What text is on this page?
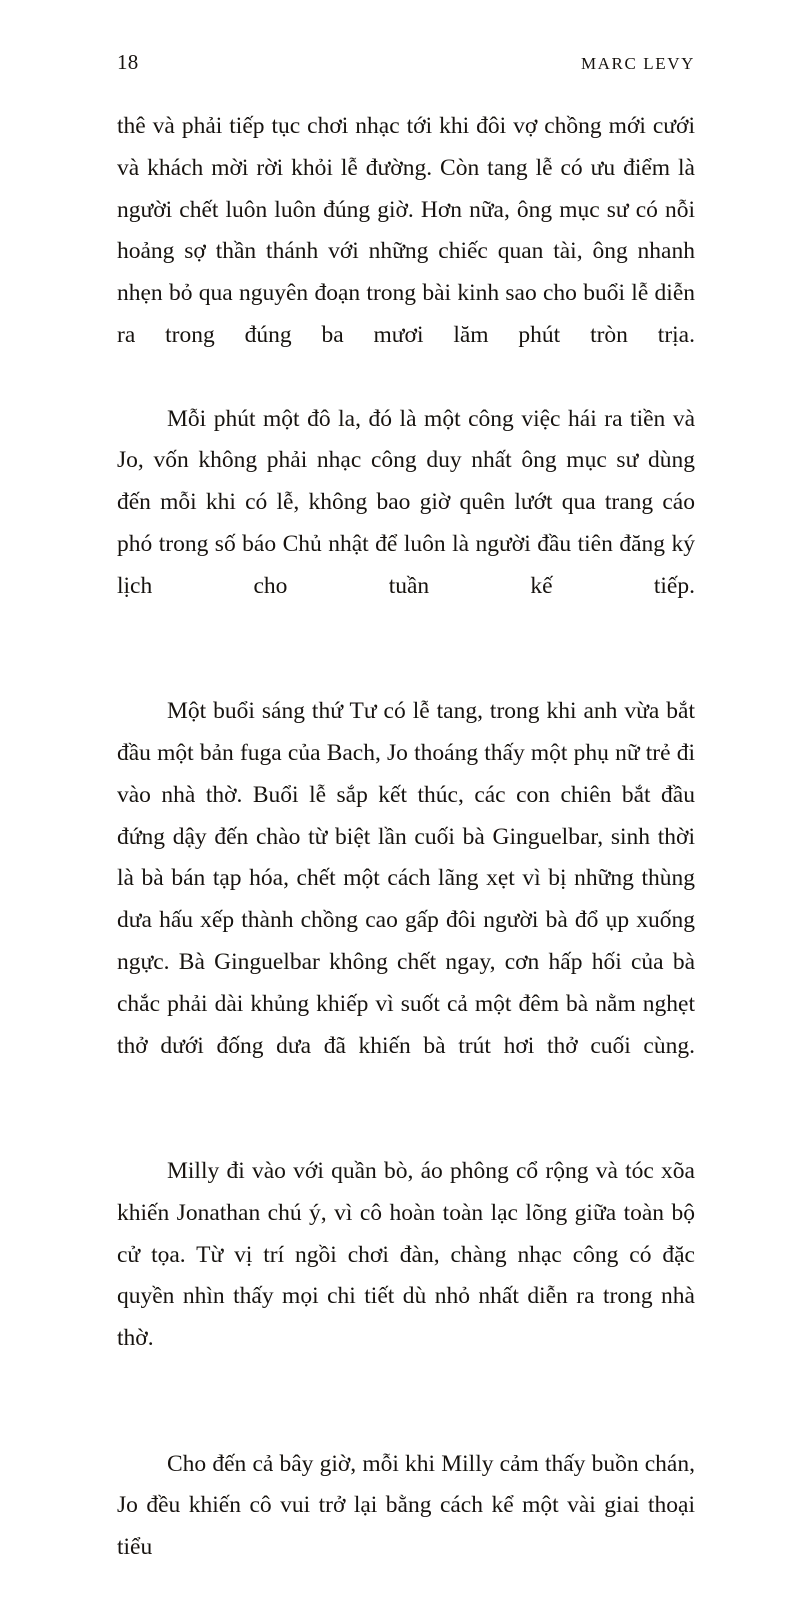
18	MARC LEVY

thê và phải tiếp tục chơi nhạc tới khi đôi vợ chồng mới cưới và khách mời rời khỏi lễ đường. Còn tang lễ có ưu điểm là người chết luôn luôn đúng giờ. Hơn nữa, ông mục sư có nỗi hoảng sợ thần thánh với những chiếc quan tài, ông nhanh nhẹn bỏ qua nguyên đoạn trong bài kinh sao cho buổi lễ diễn ra trong đúng ba mươi lăm phút tròn trịa.

Mỗi phút một đô la, đó là một công việc hái ra tiền và Jo, vốn không phải nhạc công duy nhất ông mục sư dùng đến mỗi khi có lễ, không bao giờ quên lướt qua trang cáo phó trong số báo Chủ nhật để luôn là người đầu tiên đăng ký lịch cho tuần kế tiếp.

Một buổi sáng thứ Tư có lễ tang, trong khi anh vừa bắt đầu một bản fuga của Bach, Jo thoáng thấy một phụ nữ trẻ đi vào nhà thờ. Buổi lễ sắp kết thúc, các con chiên bắt đầu đứng dậy đến chào từ biệt lần cuối bà Ginguelbar, sinh thời là bà bán tạp hóa, chết một cách lãng xẹt vì bị những thùng dưa hấu xếp thành chồng cao gấp đôi người bà đổ ụp xuống ngực. Bà Ginguelbar không chết ngay, cơn hấp hối của bà chắc phải dài khủng khiếp vì suốt cả một đêm bà nằm nghẹt thở dưới đống dưa đã khiến bà trút hơi thở cuối cùng.

Milly đi vào với quần bò, áo phông cổ rộng và tóc xõa khiến Jonathan chú ý, vì cô hoàn toàn lạc lõng giữa toàn bộ cử tọa. Từ vị trí ngồi chơi đàn, chàng nhạc công có đặc quyền nhìn thấy mọi chi tiết dù nhỏ nhất diễn ra trong nhà thờ.

Cho đến cả bây giờ, mỗi khi Milly cảm thấy buồn chán, Jo đều khiến cô vui trở lại bằng cách kể một vài giai thoại tiểu
